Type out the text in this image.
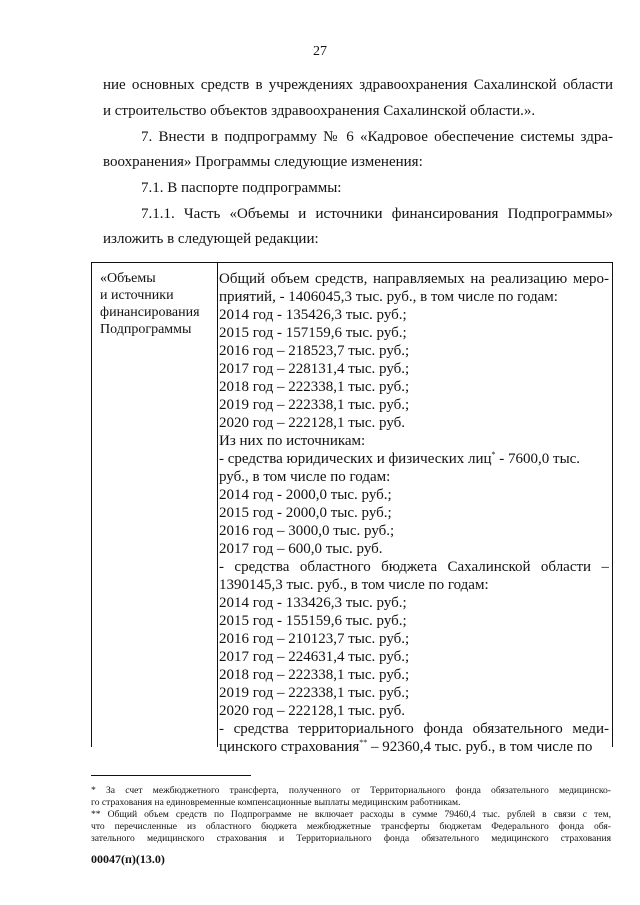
27
ние основных средств в учреждениях здравоохранения Сахалинской области
и строительство объектов здравоохранения Сахалинской области.».
7. Внести в подпрограмму № 6 «Кадровое обеспечение системы здра-
воохранения» Программы следующие изменения:
7.1. В паспорте подпрограммы:
7.1.1. Часть «Объемы и источники финансирования Подпрограммы»
изложить в следующей редакции:
«Объемы
и источники
финансирования
Подпрограммы
Общий объем средств, направляемых на реализацию меро-
приятий, - 1406045,3 тыс. руб., в том числе по годам:
2014 год - 135426,3 тыс. руб.;
2015 год - 157159,6 тыс. руб.;
2016 год – 218523,7 тыс. руб.;
2017 год – 228131,4 тыс. руб.;
2018 год – 222338,1 тыс. руб.;
2019 год – 222338,1 тыс. руб.;
2020 год – 222128,1 тыс. руб.
Из них по источникам:
- средства юридических и физических лиц* - 7600,0 тыс.
руб., в том числе по годам:
2014 год - 2000,0 тыс. руб.;
2015 год - 2000,0 тыс. руб.;
2016 год – 3000,0 тыс. руб.;
2017 год – 600,0 тыс. руб.
- средства областного бюджета Сахалинской области –
1390145,3 тыс. руб., в том числе по годам:
2014 год - 133426,3 тыс. руб.;
2015 год - 155159,6 тыс. руб.;
2016 год – 210123,7 тыс. руб.;
2017 год – 224631,4 тыс. руб.;
2018 год – 222338,1 тыс. руб.;
2019 год – 222338,1 тыс. руб.;
2020 год – 222128,1 тыс. руб.
- средства территориального фонда обязательного меди-
цинского страхования** – 92360,4 тыс. руб., в том числе по
* За счет межбюджетного трансферта, полученного от Территориального фонда обязательного медицинско-
го страхования на единовременные компенсационные выплаты медицинским работникам.
** Общий объем средств по Подпрограмме не включает расходы в сумме 79460,4 тыс. рублей в связи с тем,
что перечисленные из областного бюджета межбюджетные трансферты бюджетам Федерального фонда обя-
зательного медицинского страхования и Территориального фонда обязательного медицинского страхования
00047(п)(13.0)
